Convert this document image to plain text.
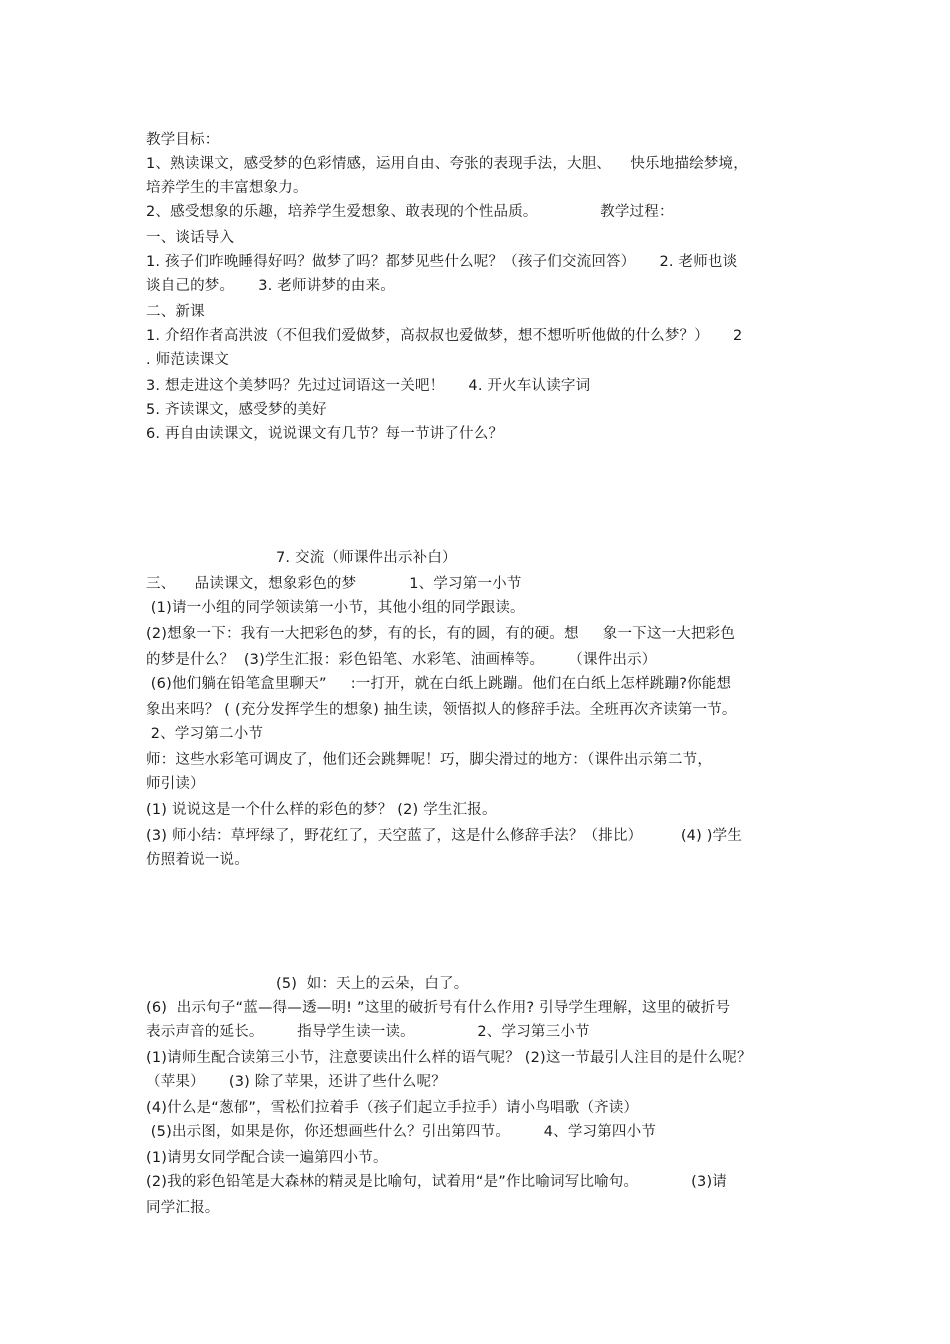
教学目标：
1、熟读课文，感受梦的色彩情感，运用自由、夸张的表现手法，大胆、    快乐地描绘梦境，
培养学生的丰富想象力。
2、感受想象的乐趣，培养学生爱想象、敢表现的个性品质。             教学过程：
一、谈话导入
1. 孩子们昨晚睡得好吗？做梦了吗？都梦见些什么呢？（孩子们交流回答）     2. 老师也谈
谈自己的梦。     3. 老师讲梦的由来。
二、新课
1. 介绍作者高洪波（不但我们爱做梦，高叔叔也爱做梦，想不想听听他做的什么梦？）     2
. 师范读课文
3. 想走进这个美梦吗？先过过词语这一关吧！     4. 开火车认读字词
5. 齐读课文，感受梦的美好
6. 再自由读课文，说说课文有几节？每一节讲了什么？
7. 交流（师课件出示补白）
三、    品读课文，想象彩色的梦           1、学习第一小节
(1)请一小组的同学领读第一小节，其他小组的同学跟读。
(2)想象一下：我有一大把彩色的梦，有的长，有的圆，有的硬。想     象一下这一大把彩色
的梦是什么？  (3)学生汇报：彩色铅笔、水彩笔、油画棒等。     （课件出示）
(6)他们躺在铅笔盒里聊天”     :一打开，就在白纸上跳蹦。他们在白纸上怎样跳蹦?你能想
象出来吗？ ( (充分发挥学生的想象) 抽生读，领悟拟人的修辞手法。全班再次齐读第一节。
2、学习第二小节
师：这些水彩笔可调皮了，他们还会跳舞呢！巧，脚尖滑过的地方：（课件出示第二节，
师引读）
(1) 说说这是一个什么样的彩色的梦？ (2) 学生汇报。
(3) 师小结：草坪绿了，野花红了，天空蓝了，这是什么修辞手法？（排比）        (4) )学生
仿照着说一说。
(5)  如：天上的云朵，白了。
(6)  出示句子“蓝—得—透—明! ”这里的破折号有什么作用? 引导学生理解，这里的破折号
表示声音的延长。       指导学生读一读。             2、学习第三小节
(1)请师生配合读第三小节，注意要读出什么样的语气呢？ (2)这一节最引人注目的是什么呢？
（苹果）     (3) 除了苹果，还讲了些什么呢？
(4)什么是“葱郁”，雪松们拉着手（孩子们起立手拉手）请小鸟唱歌（齐读）
(5)出示图，如果是你，你还想画些什么？引出第四节。       4、学习第四小节
(1)请男女同学配合读一遍第四小节。
(2)我的彩色铅笔是大森林的精灵是比喻句，试着用“是”作比喻词写比喻句。           (3)请
同学汇报。
